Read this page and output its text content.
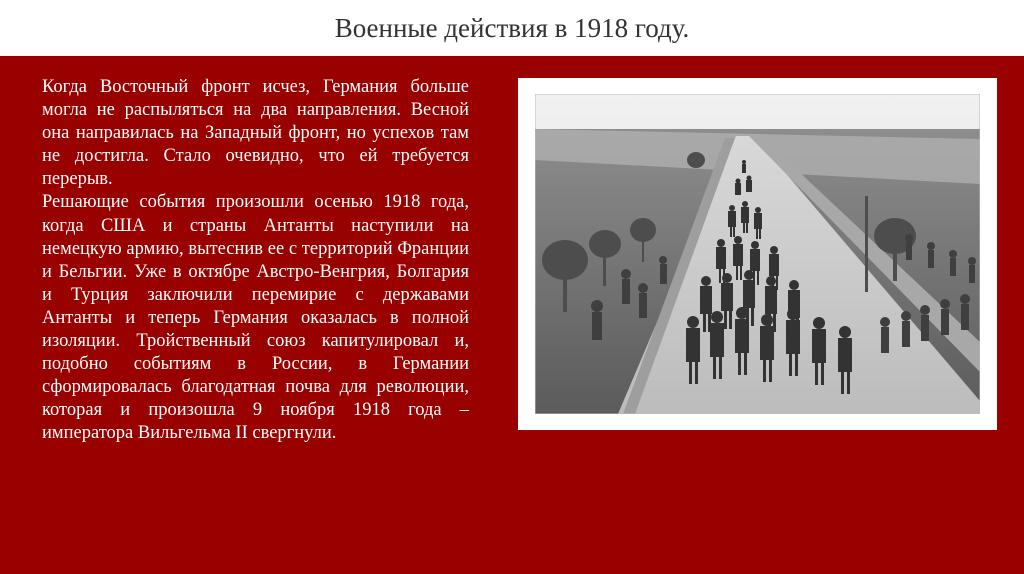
Военные действия в 1918 году.

Когда Восточный фронт исчез, Германия больше могла не распыляться на два направления. Весной она направилась на Западный фронт, но успехов там не достигла. Стало очевидно, что ей требуется перерыв.

Решающие события произошли осенью 1918 года, когда США и страны Антанты наступили на немецкую армию, вытеснив ее с территорий Франции и Бельгии. Уже в октябре Австро-Венгрия, Болгария и Турция заключили перемирие с державами Антанты и теперь Германия оказалась в полной изоляции. Тройственный союз капитулировал и, подобно событиям в России, в Германии сформировалась благодатная почва для революции, которая и произошла 9 ноября 1918 года – императора Вильгельма II свергнули.
